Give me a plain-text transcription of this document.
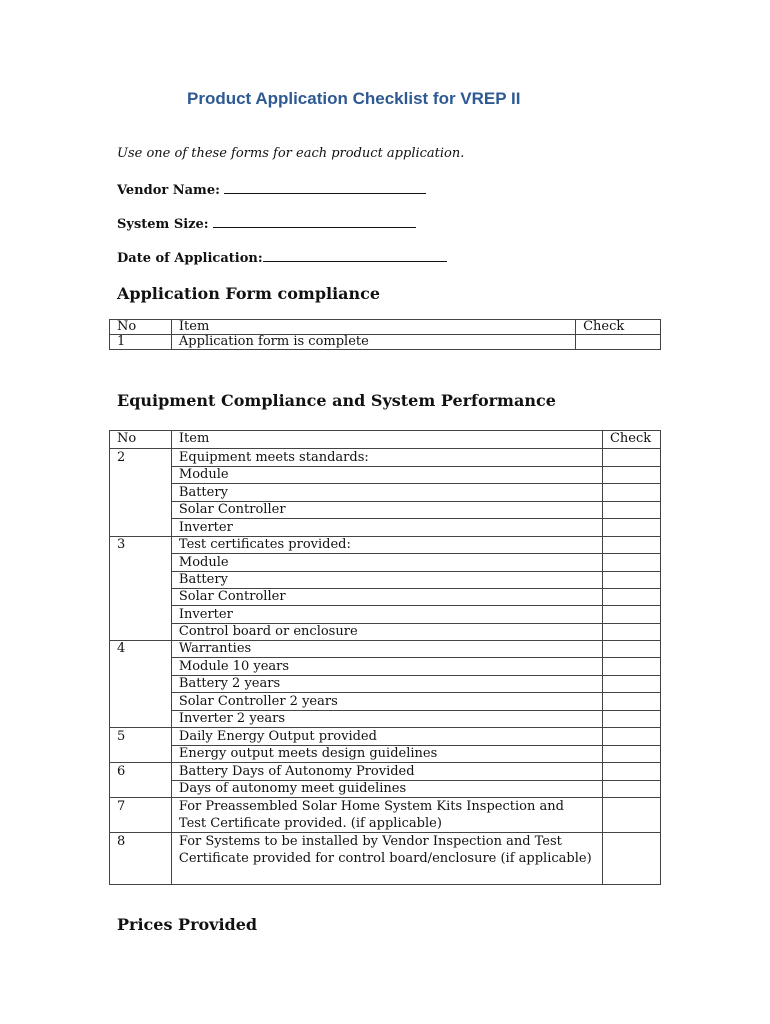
Product Application Checklist for VREP II
Use one of these forms for each product application.
Vendor Name:
System Size:
Date of Application:
Application Form compliance
No	Item	Check
1	Application form is complete	
Equipment Compliance and System Performance
No	Item	Check
2	Equipment meets standards:	
	Module	
	Battery	
	Solar Controller	
	Inverter	
3	Test certificates provided:	
	Module	
	Battery	
	Solar Controller	
	Inverter	
	Control board or enclosure	
4	Warranties	
	Module 10 years	
	Battery 2 years	
	Solar Controller 2 years	
	Inverter 2 years	
5	Daily Energy Output provided	
	Energy output meets design guidelines	
6	Battery Days of Autonomy Provided	
	Days of autonomy meet guidelines	
7	For Preassembled Solar Home System Kits Inspection and Test Certificate provided. (if applicable)	
8	For Systems to be installed by Vendor Inspection and Test Certificate provided for control board/enclosure (if applicable)	
Prices Provided
